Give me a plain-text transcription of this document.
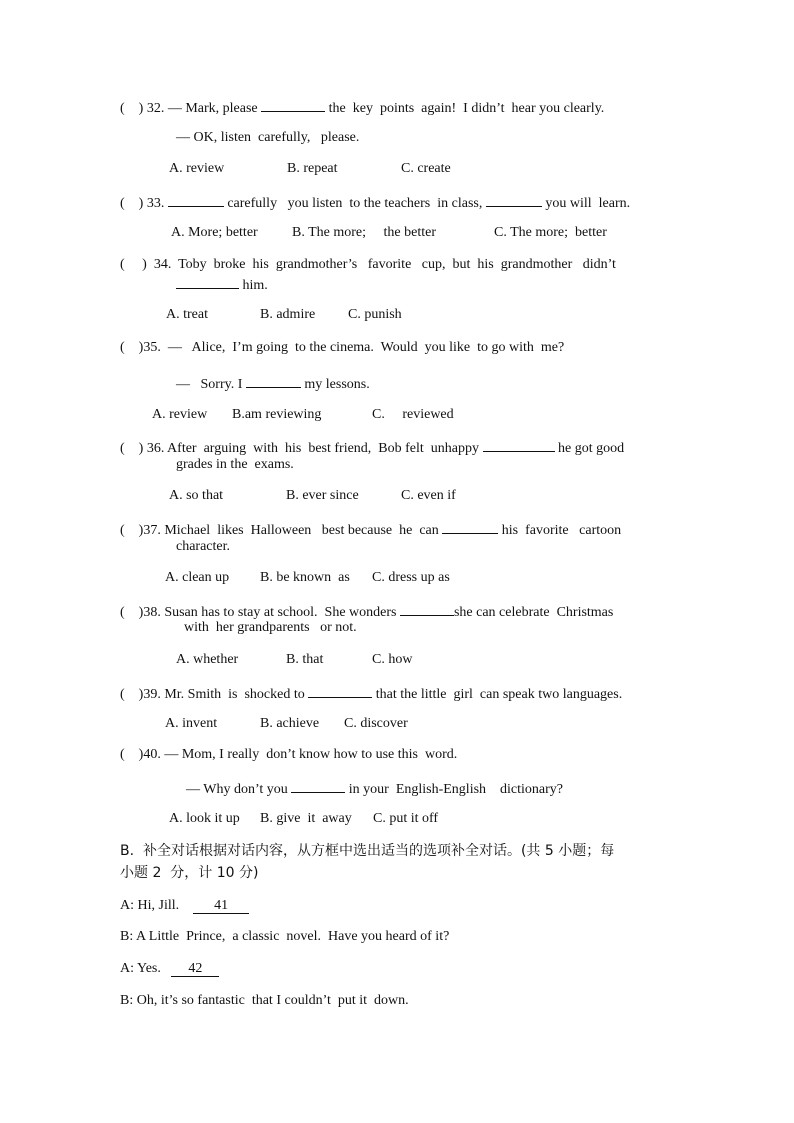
(    ) 32. — Mark, please	the  key  points  again!  I didn’t  hear you clearly.

— OK, listen  carefully,   please.

A. review	B. repeat	C. create

(    ) 33.	carefully   you listen  to the teachers  in class,	you will  learn.

A. More; better B. The more;     the better	C. The more;  better

(     )  34.  Toby  broke  his  grandmother’s   favorite   cup,  but  his  grandmother   didn’t

him.

A. treat	B. admire C. punish

(    )35.  —   Alice,  I’m going  to the cinema.  Would  you like  to go with  me?

—   Sorry. I	my lessons.

A. review B.am reviewing	C.     reviewed

(    ) 36. After  arguing  with  his  best friend,  Bob felt  unhappy	he got good

grades in the  exams.

A. so that	B. ever since	C. even if

(    )37. Michael  likes  Halloween   best because  he  can	his  favorite   cartoon

character.

A. clean up B. be known  as C. dress up as

(    )38. Susan has to stay at school.  She wonders	she can celebrate  Christmas

with  her grandparents   or not.

A. whether	B. that	C. how

(    )39. Mr. Smith  is  shocked to	that the little  girl  can speak two languages.

A. invent	B. achieve C. discover

(    )40. — Mom, I really  don’t know how to use this  word.

— Why don’t you	in your  English-English    dictionary?

A. look it up B. give  it  away C. put it off

B.  补全对话根据对话内容，从方框中选出适当的选项补全对话。(共 5 小题；每

小题 2  分，计 10 分)

A: Hi, Jill.	41

B: A Little  Prince,  a classic  novel.  Have you heard of it?

A: Yes. 42

B: Oh, it’s so fantastic  that I couldn’t  put it  down.
